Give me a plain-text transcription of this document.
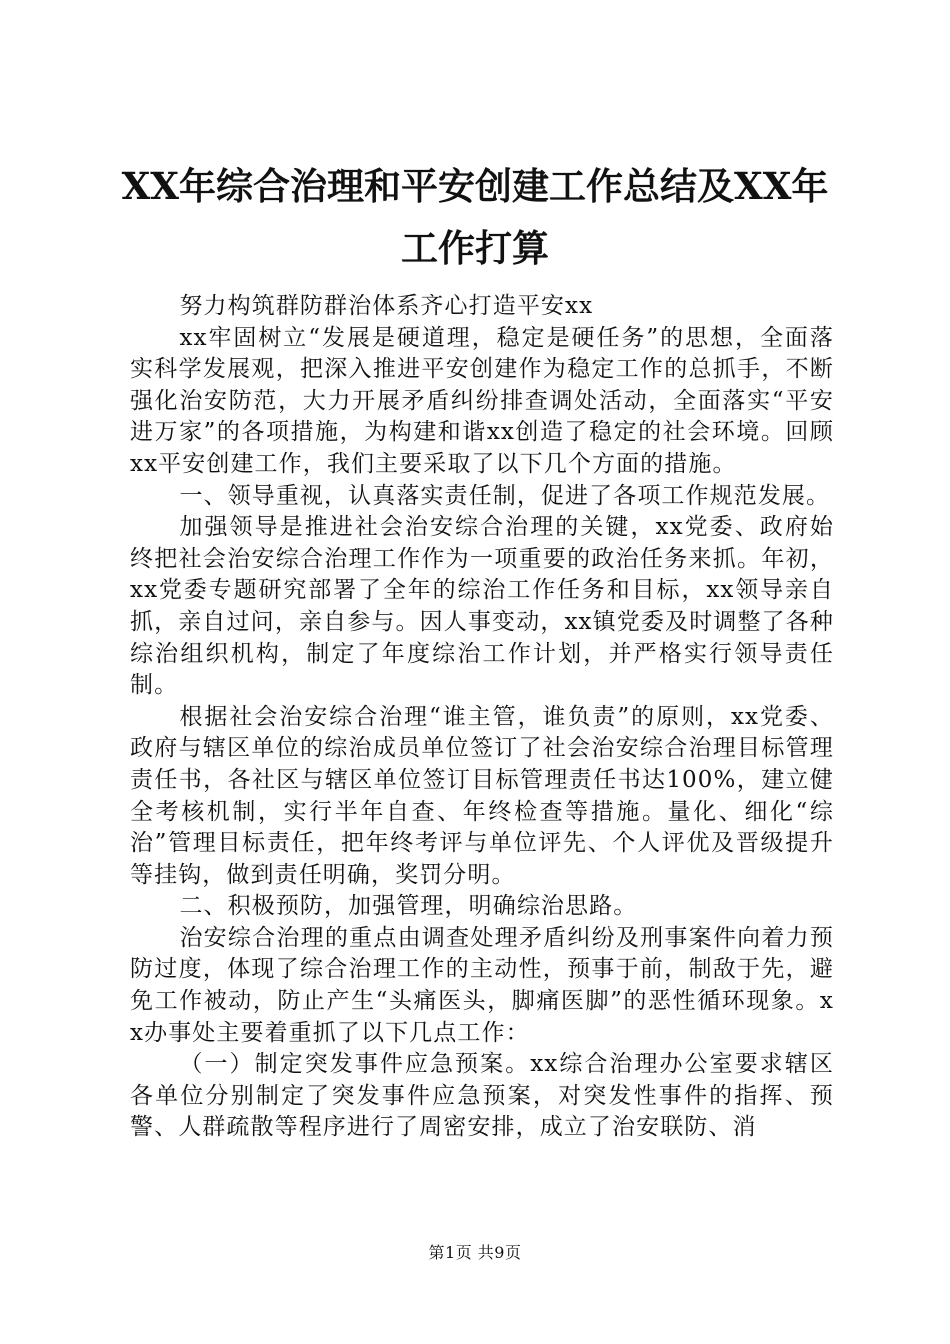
XX年综合治理和平安创建工作总结及XX年工作打算

努力构筑群防群治体系齐心打造平安xx

xx牢固树立“发展是硬道理，稳定是硬任务”的思想，全面落实科学发展观，把深入推进平安创建作为稳定工作的总抓手，不断强化治安防范，大力开展矛盾纠纷排查调处活动，全面落实“平安进万家”的各项措施，为构建和谐xx创造了稳定的社会环境。回顾xx平安创建工作，我们主要采取了以下几个方面的措施。

一、领导重视，认真落实责任制，促进了各项工作规范发展。

加强领导是推进社会治安综合治理的关键，xx党委、政府始终把社会治安综合治理工作作为一项重要的政治任务来抓。年初，xx党委专题研究部署了全年的综治工作任务和目标，xx领导亲自抓，亲自过问，亲自参与。因人事变动，xx镇党委及时调整了各种综治组织机构，制定了年度综治工作计划，并严格实行领导责任制。

根据社会治安综合治理“谁主管，谁负责”的原则，xx党委、政府与辖区单位的综治成员单位签订了社会治安综合治理目标管理责任书，各社区与辖区单位签订目标管理责任书达100%，建立健全考核机制，实行半年自查、年终检查等措施。量化、细化“综治”管理目标责任，把年终考评与单位评先、个人评优及晋级提升等挂钩，做到责任明确，奖罚分明。

二、积极预防，加强管理，明确综治思路。

治安综合治理的重点由调查处理矛盾纠纷及刑事案件向着力预防过度，体现了综合治理工作的主动性，预事于前，制敌于先，避免工作被动，防止产生“头痛医头，脚痛医脚”的恶性循环现象。xx办事处主要着重抓了以下几点工作：

（一）制定突发事件应急预案。xx综合治理办公室要求辖区各单位分别制定了突发事件应急预案，对突发性事件的指挥、预警、人群疏散等程序进行了周密安排，成立了治安联防、消

第1页 共9页
